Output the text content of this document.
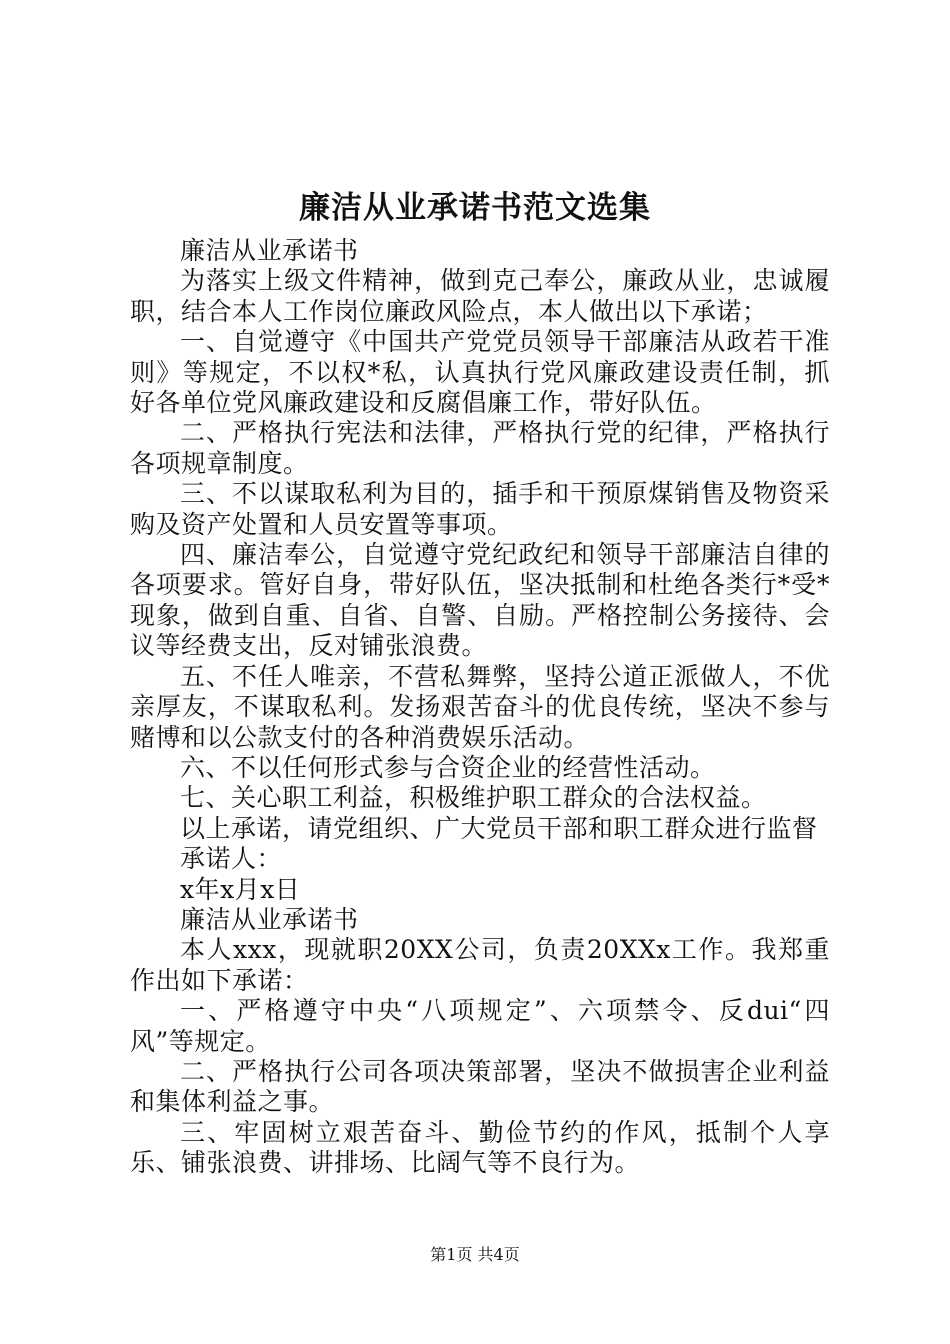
廉洁从业承诺书范文选集

廉洁从业承诺书

为落实上级文件精神，做到克己奉公，廉政从业，忠诚履职，结合本人工作岗位廉政风险点，本人做出以下承诺；

一、自觉遵守《中国共产党党员领导干部廉洁从政若干准则》等规定，不以权*私，认真执行党风廉政建设责任制，抓好各单位党风廉政建设和反腐倡廉工作，带好队伍。

二、严格执行宪法和法律，严格执行党的纪律，严格执行各项规章制度。

三、不以谋取私利为目的，插手和干预原煤销售及物资采购及资产处置和人员安置等事项。

四、廉洁奉公，自觉遵守党纪政纪和领导干部廉洁自律的各项要求。管好自身，带好队伍，坚决抵制和杜绝各类行*受*现象，做到自重、自省、自警、自励。严格控制公务接待、会议等经费支出，反对铺张浪费。

五、不任人唯亲，不营私舞弊，坚持公道正派做人，不优亲厚友，不谋取私利。发扬艰苦奋斗的优良传统，坚决不参与赌博和以公款支付的各种消费娱乐活动。

六、不以任何形式参与合资企业的经营性活动。

七、关心职工利益，积极维护职工群众的合法权益。

以上承诺，请党组织、广大党员干部和职工群众进行监督

承诺人：

x年x月x日

廉洁从业承诺书

本人xxx，现就职20XX公司，负责20XXx工作。我郑重作出如下承诺：

一、严格遵守中央“八项规定”、六项禁令、反dui“四风”等规定。

二、严格执行公司各项决策部署，坚决不做损害企业利益和集体利益之事。

三、牢固树立艰苦奋斗、勤俭节约的作风，抵制个人享乐、铺张浪费、讲排场、比阔气等不良行为。

第1页 共4页
